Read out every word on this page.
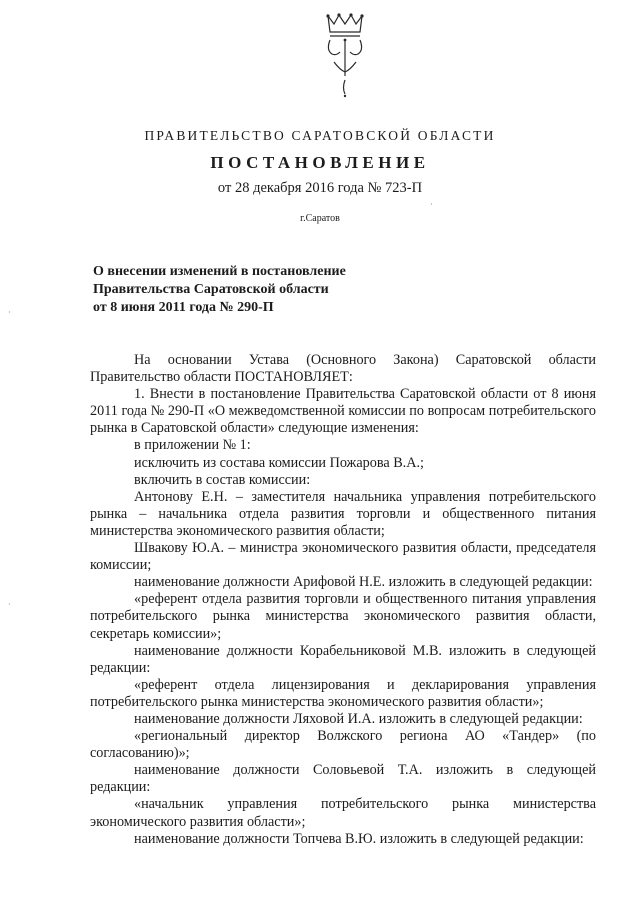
ПРАВИТЕЛЬСТВО САРАТОВСКОЙ ОБЛАСТИ
ПОСТАНОВЛЕНИЕ
от 28 декабря 2016 года № 723-П
г.Саратов
О внесении изменений в постановление
Правительства Саратовской области
от 8 июня 2011 года № 290-П

На основании Устава (Основного Закона) Саратовской области Правительство области ПОСТАНОВЛЯЕТ:

1. Внести в постановление Правительства Саратовской области от 8 июня 2011 года № 290-П «О межведомственной комиссии по вопросам потребительского рынка в Саратовской области» следующие изменения:

в приложении № 1:

исключить из состава комиссии Пожарова В.А.;

включить в состав комиссии:

Антонову Е.Н. – заместителя начальника управления потребительского рынка – начальника отдела развития торговли и общественного питания министерства экономического развития области;

Швакову Ю.А. – министра экономического развития области, председателя комиссии;

наименование должности Арифовой Н.Е. изложить в следующей редакции:

«референт отдела развития торговли и общественного питания управления потребительского рынка министерства экономического развития области, секретарь комиссии»;

наименование должности Корабельниковой М.В. изложить в следующей редакции:

«референт отдела лицензирования и декларирования управления потребительского рынка министерства экономического развития области»;

наименование должности Ляховой И.А. изложить в следующей редакции:

«региональный директор Волжского региона АО «Тандер» (по согласованию)»;

наименование должности Соловьевой Т.А. изложить в следующей редакции:

«начальник управления потребительского рынка министерства экономического развития области»;

наименование должности Топчева В.Ю. изложить в следующей редакции:

·
·
·
